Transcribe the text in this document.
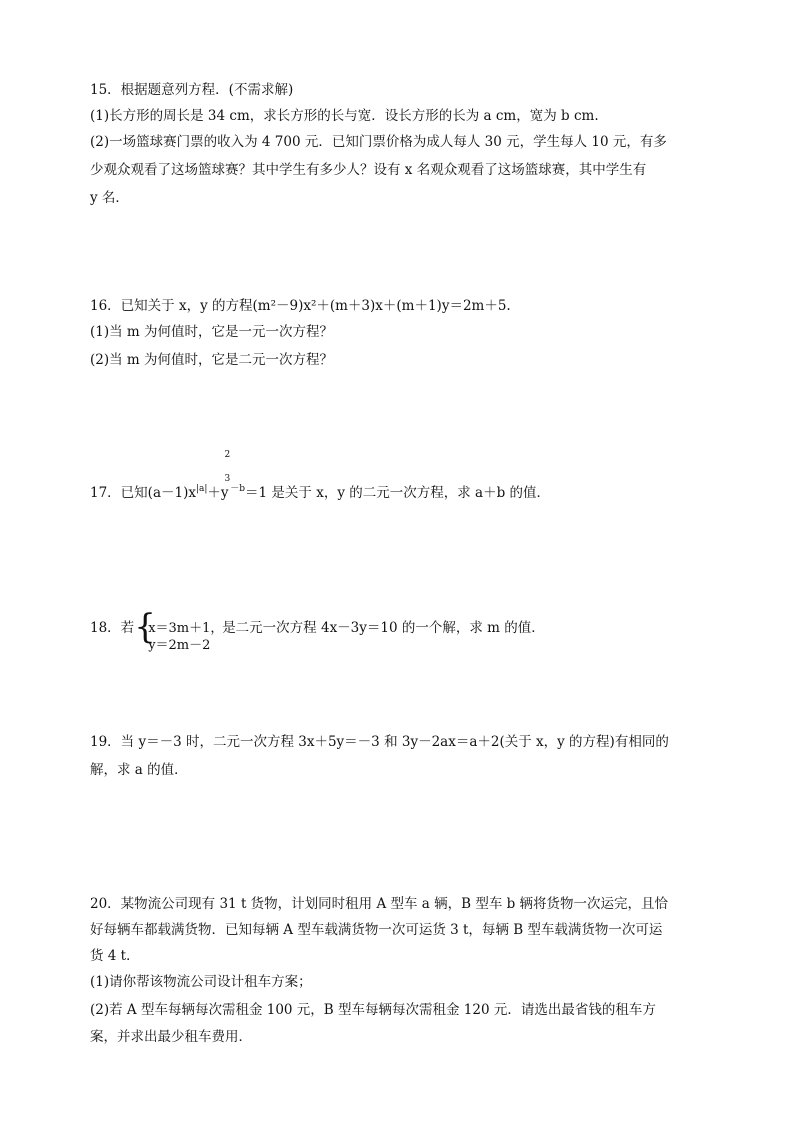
15．根据题意列方程．(不需求解)
(1)长方形的周长是 34 cm，求长方形的长与宽．设长方形的长为 a cm，宽为 b cm.
(2)一场篮球赛门票的收入为 4 700 元．已知门票价格为成人每人 30 元，学生每人 10 元，有多
少观众观看了这场篮球赛？其中学生有多少人？设有 x 名观众观看了这场篮球赛，其中学生有
y 名．
16．已知关于 x，y 的方程(m²－9)x²＋(m＋3)x＋(m＋1)y＝2m＋5.
(1)当 m 为何值时，它是一元一次方程？
(2)当 m 为何值时，它是二元一次方程？
17．已知$(a-1)x^{|a|}+y$
2
3
$^{-b}$＝1 是关于 x，y 的二元一次方程，求 a＋b 的值．
18．若 {
x＝3m＋1，
y＝2m－2
是二元一次方程 4x－3y＝10 的一个解，求 m 的值．
19．当 y＝－3 时，二元一次方程 3x＋5y＝－3 和 3y－2ax＝a＋2(关于 x，y 的方程)有相同的
解，求 a 的值．
20．某物流公司现有 31 t 货物，计划同时租用 A 型车 a 辆，B 型车 b 辆将货物一次运完，且恰
好每辆车都载满货物．已知每辆 A 型车载满货物一次可运货 3 t，每辆 B 型车载满货物一次可运
货 4 t．
(1)请你帮该物流公司设计租车方案；
(2)若 A 型车每辆每次需租金 100 元，B 型车每辆每次需租金 120 元．请选出最省钱的租车方
案，并求出最少租车费用．
